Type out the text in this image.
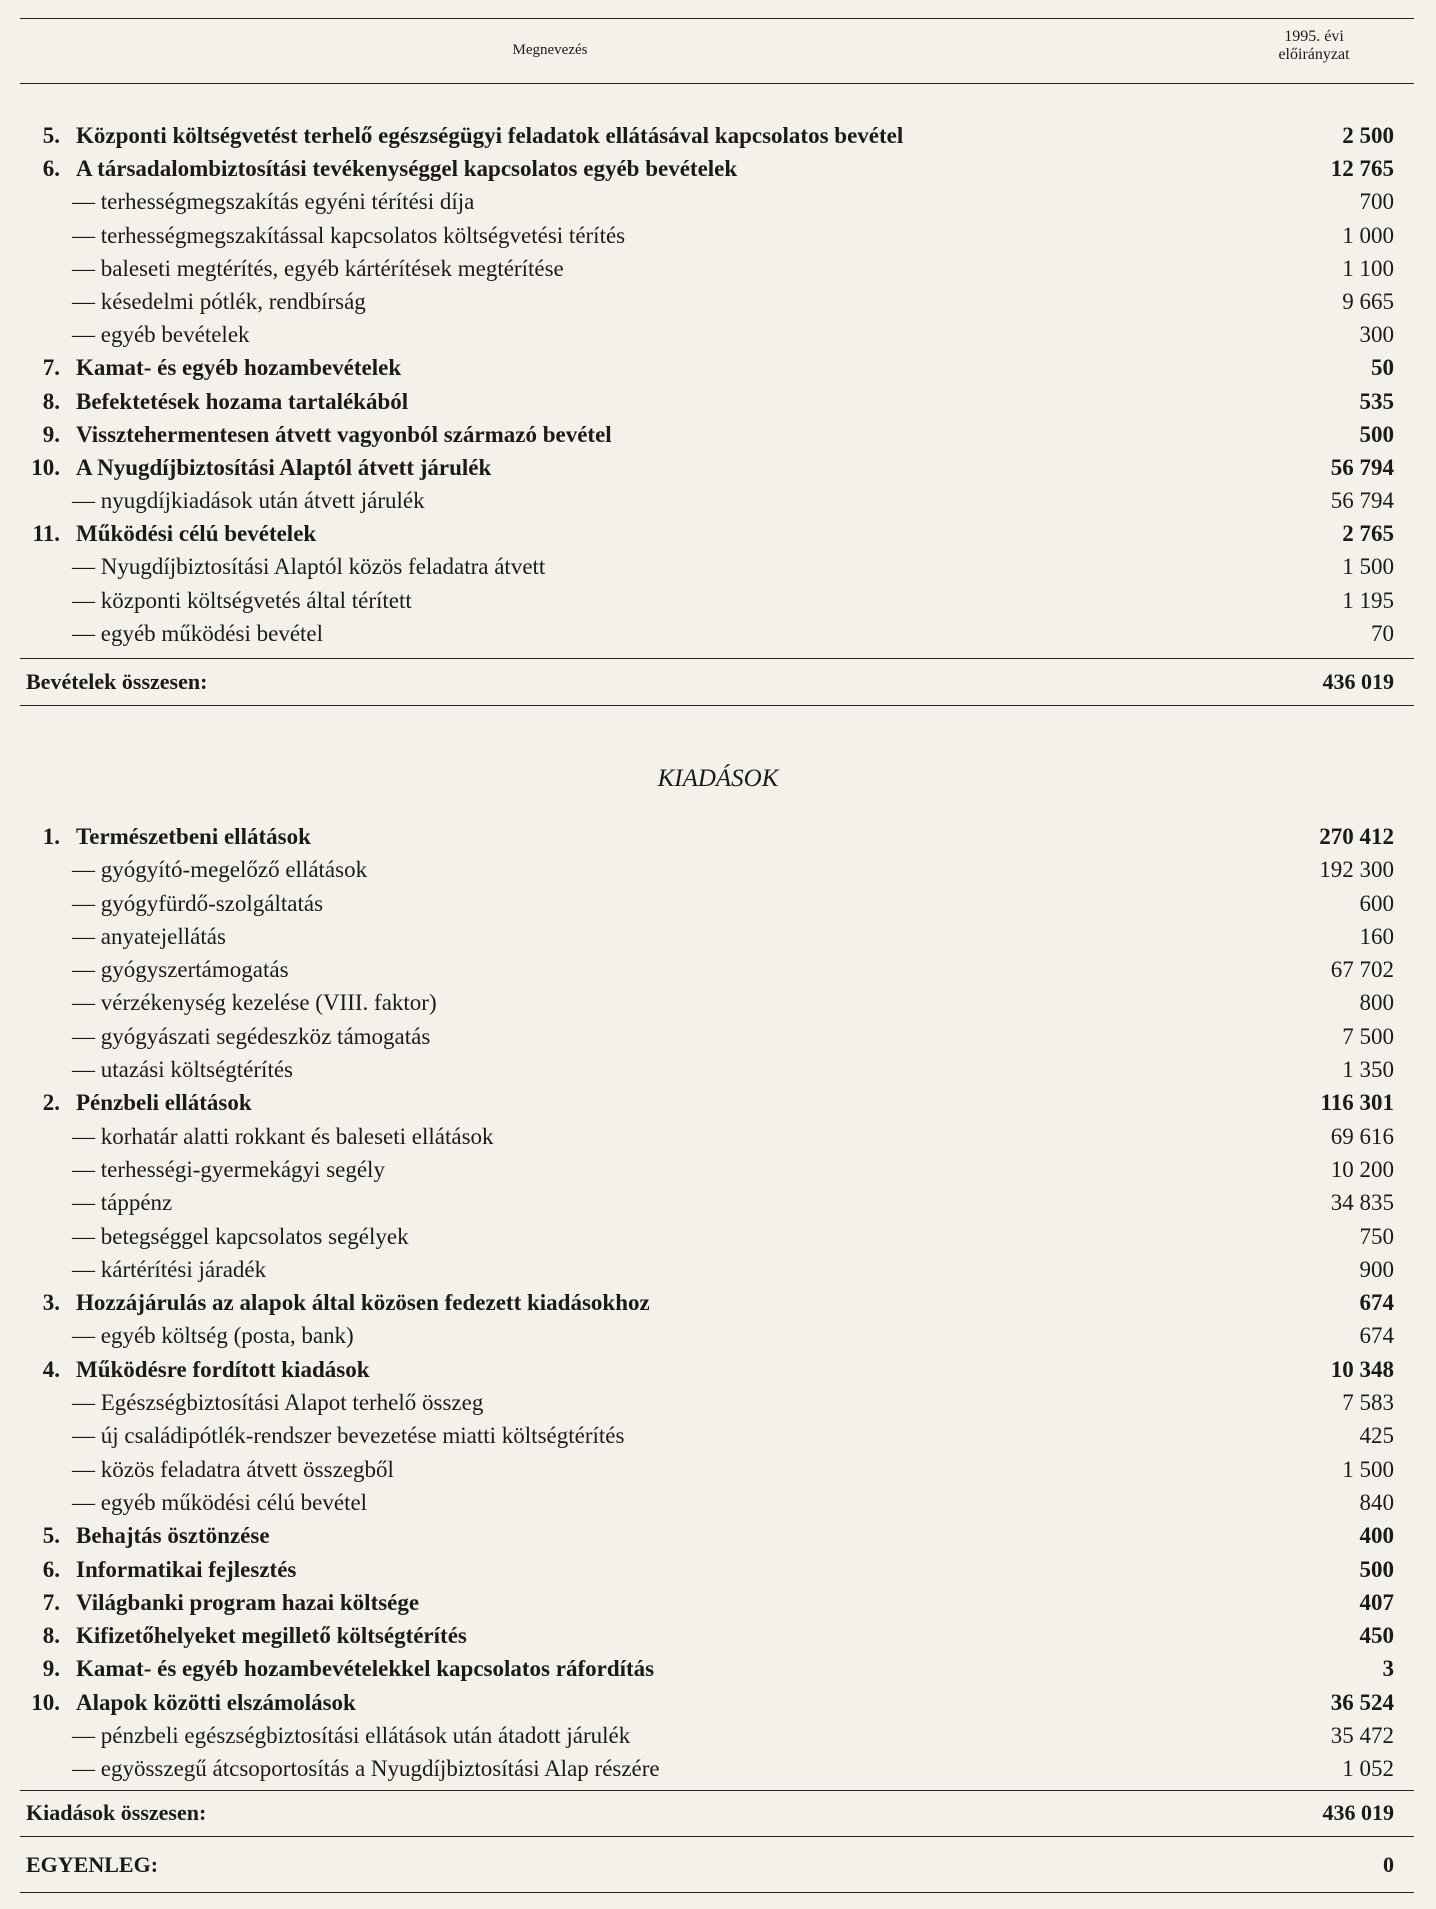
Megnevezés
1995. évi
előirányzat
5. Központi költségvetést terhelő egészségügyi feladatok ellátásával kapcsolatos bevétel	2 500
6. A társadalombiztosítási tevékenységgel kapcsolatos egyéb bevételek	12 765
— terhességmegszakítás egyéni térítési díja	700
— terhességmegszakítással kapcsolatos költségvetési térítés	1 000
— baleseti megtérítés, egyéb kártérítések megtérítése	1 100
— késedelmi pótlék, rendbírság	9 665
— egyéb bevételek	300
7. Kamat- és egyéb hozambevételek	50
8. Befektetések hozama tartalékából	535
9. Vissztehermentesen átvett vagyonból származó bevétel	500
10. A Nyugdíjbiztosítási Alaptól átvett járulék	56 794
— nyugdíjkiadások után átvett járulék	56 794
11. Működési célú bevételek	2 765
— Nyugdíjbiztosítási Alaptól közös feladatra átvett	1 500
— központi költségvetés által térített	1 195
— egyéb működési bevétel	70
Bevételek összesen:	436 019
KIADÁSOK
1. Természetbeni ellátások	270 412
— gyógyító-megelőző ellátások	192 300
— gyógyfürdő-szolgáltatás	600
— anyatejellátás	160
— gyógyszertámogatás	67 702
— vérzékenység kezelése (VIII. faktor)	800
— gyógyászati segédeszköz támogatás	7 500
— utazási költségtérítés	1 350
2. Pénzbeli ellátások	116 301
— korhatár alatti rokkant és baleseti ellátások	69 616
— terhességi-gyermekágyi segély	10 200
— táppénz	34 835
— betegséggel kapcsolatos segélyek	750
— kártérítési járadék	900
3. Hozzájárulás az alapok által közösen fedezett kiadásokhoz	674
— egyéb költség (posta, bank)	674
4. Működésre fordított kiadások	10 348
— Egészségbiztosítási Alapot terhelő összeg	7 583
— új családipótlék-rendszer bevezetése miatti költségtérítés	425
— közös feladatra átvett összegből	1 500
— egyéb működési célú bevétel	840
5. Behajtás ösztönzése	400
6. Informatikai fejlesztés	500
7. Világbanki program hazai költsége	407
8. Kifizetőhelyeket megillető költségtérítés	450
9. Kamat- és egyéb hozambevételekkel kapcsolatos ráfordítás	3
10. Alapok közötti elszámolások	36 524
— pénzbeli egészségbiztosítási ellátások után átadott járulék	35 472
— egyösszegű átcsoportosítás a Nyugdíjbiztosítási Alap részére	1 052
Kiadások összesen:	436 019
EGYENLEG:	0
